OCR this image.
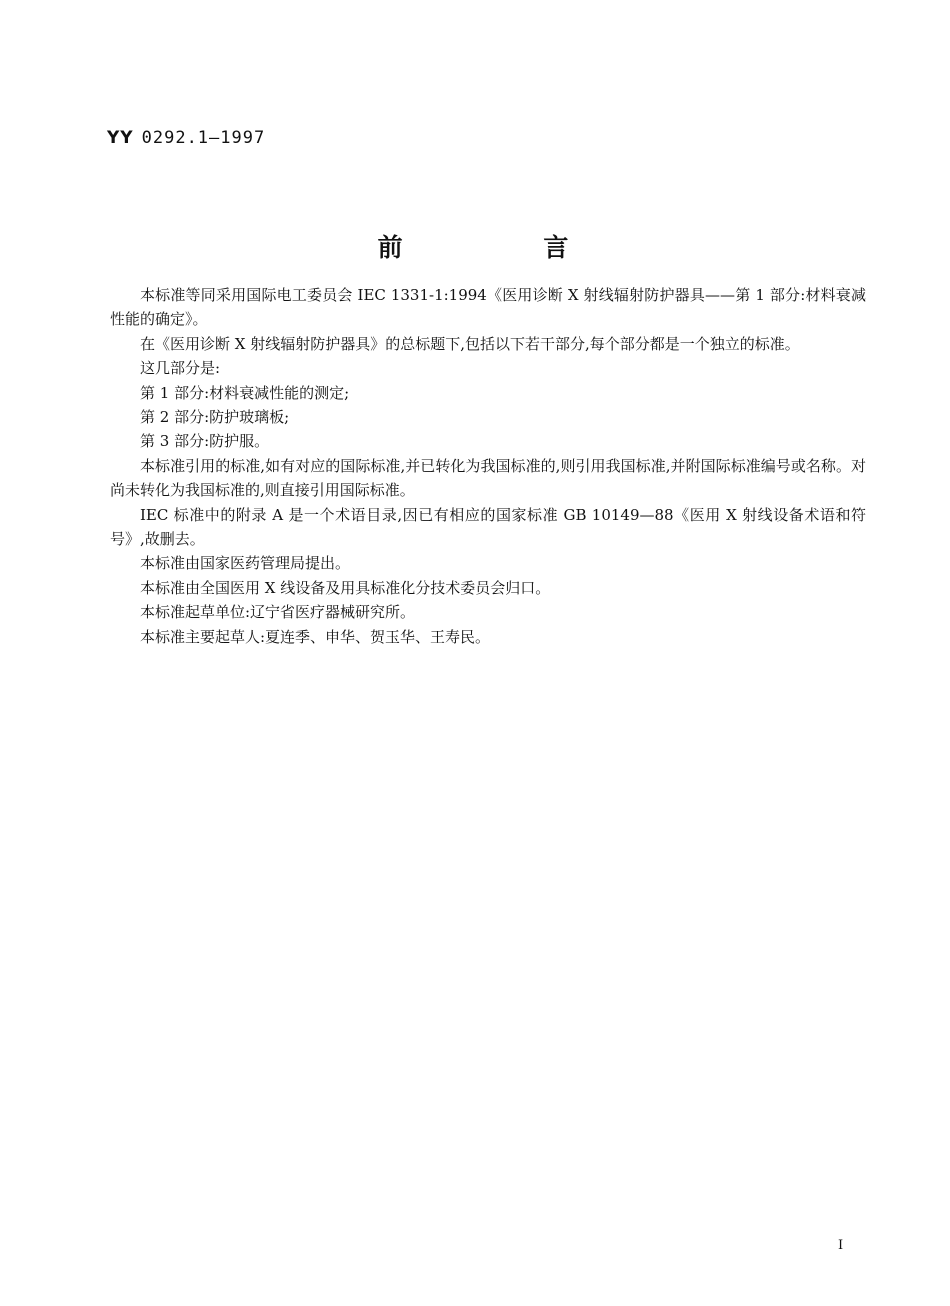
YY 0292.1—1997
前 言

本标准等同采用国际电工委员会 IEC 1331-1:1994《医用诊断 X 射线辐射防护器具——第 1 部分:材料衰减性能的确定》。

在《医用诊断 X 射线辐射防护器具》的总标题下,包括以下若干部分,每个部分都是一个独立的标准。

这几部分是:

第 1 部分:材料衰减性能的测定;

第 2 部分:防护玻璃板;

第 3 部分:防护服。

本标准引用的标准,如有对应的国际标准,并已转化为我国标准的,则引用我国标准,并附国际标准编号或名称。对尚未转化为我国标准的,则直接引用国际标准。

IEC 标准中的附录 A 是一个术语目录,因已有相应的国家标准 GB 10149—88《医用 X 射线设备术语和符号》,故删去。

本标准由国家医药管理局提出。

本标准由全国医用 X 线设备及用具标准化分技术委员会归口。

本标准起草单位:辽宁省医疗器械研究所。

本标准主要起草人:夏连季、申华、贺玉华、王寿民。

I
